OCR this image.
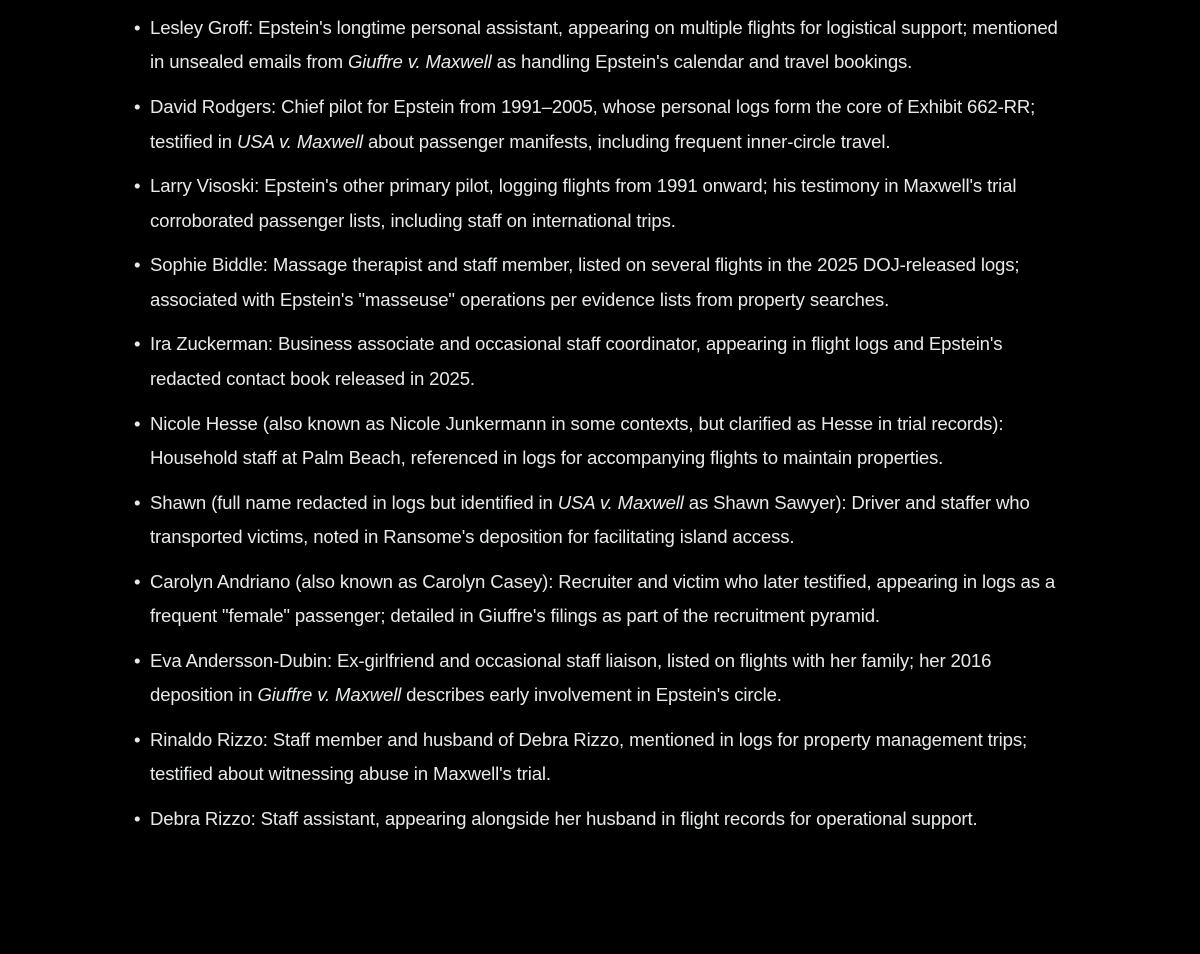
• Lesley Groff: Epstein's longtime personal assistant, appearing on multiple flights for logistical support; mentioned in unsealed emails from Giuffre v. Maxwell as handling Epstein's calendar and travel bookings.
• David Rodgers: Chief pilot for Epstein from 1991–2005, whose personal logs form the core of Exhibit 662-RR; testified in USA v. Maxwell about passenger manifests, including frequent inner-circle travel.
• Larry Visoski: Epstein's other primary pilot, logging flights from 1991 onward; his testimony in Maxwell's trial corroborated passenger lists, including staff on international trips.
• Sophie Biddle: Massage therapist and staff member, listed on several flights in the 2025 DOJ-released logs; associated with Epstein's "masseuse" operations per evidence lists from property searches.
• Ira Zuckerman: Business associate and occasional staff coordinator, appearing in flight logs and Epstein's redacted contact book released in 2025.
• Nicole Hesse (also known as Nicole Junkermann in some contexts, but clarified as Hesse in trial records): Household staff at Palm Beach, referenced in logs for accompanying flights to maintain properties.
• Shawn (full name redacted in logs but identified in USA v. Maxwell as Shawn Sawyer): Driver and staffer who transported victims, noted in Ransome's deposition for facilitating island access.
• Carolyn Andriano (also known as Carolyn Casey): Recruiter and victim who later testified, appearing in logs as a frequent "female" passenger; detailed in Giuffre's filings as part of the recruitment pyramid.
• Eva Andersson-Dubin: Ex-girlfriend and occasional staff liaison, listed on flights with her family; her 2016 deposition in Giuffre v. Maxwell describes early involvement in Epstein's circle.
• Rinaldo Rizzo: Staff member and husband of Debra Rizzo, mentioned in logs for property management trips; testified about witnessing abuse in Maxwell's trial.
• Debra Rizzo: Staff assistant, appearing alongside her husband in flight records for operational support.
